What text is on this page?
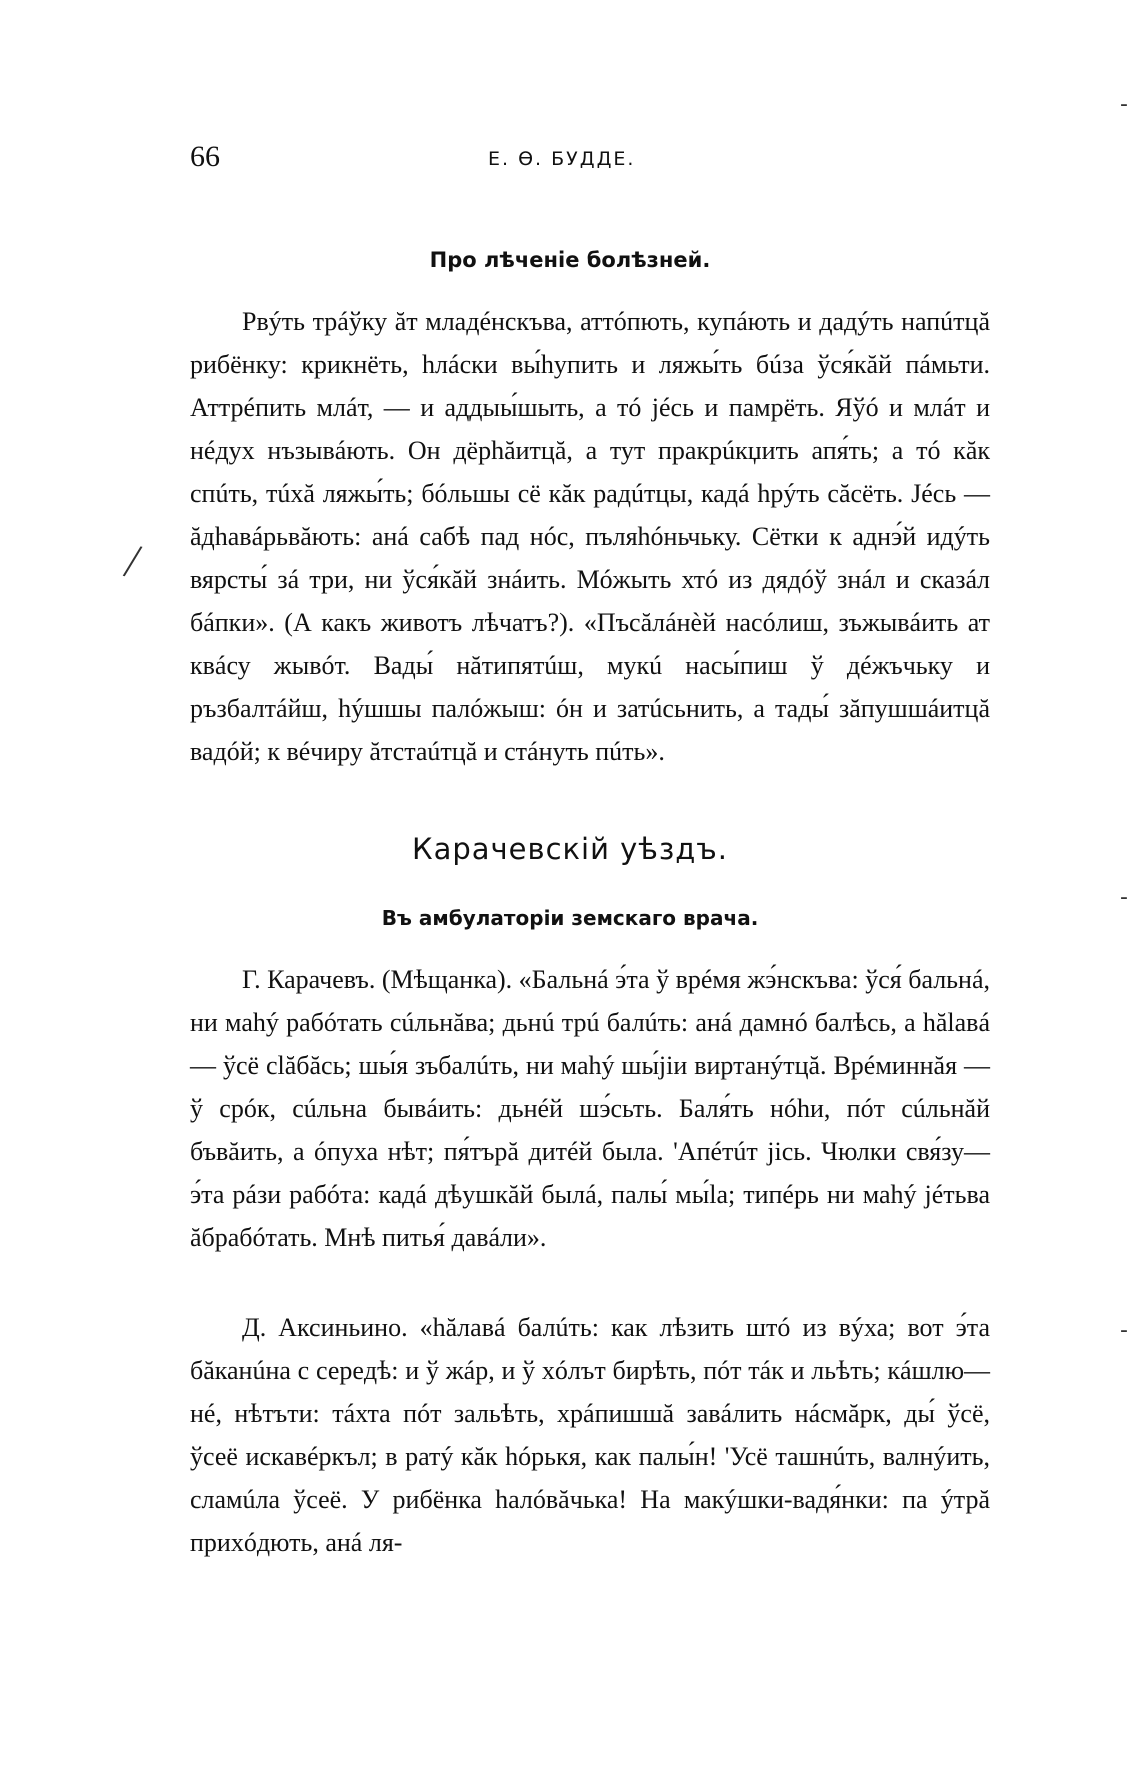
66	Е. Ѳ. БУДДЕ.
Про лѣченіе болѣзней.

Рвýть трáўку ăт младéнскъва, аттóпють, купáють и дадýть напúтцă рибёнку: крикнёть, һлáски вы́һупить и ляжы́ть бúза ўся́кăй пáмьти. Аттрéпить млáт, — и аддыы́шыть, а тó jéсь и памрёть. Яўó и млáт и нéдух нъзывáють. Он дёрһăитцă, а тут пракрúкџить апя́ть; а тó кăк спúть, тúхă ляжы́ть; бóльшы сё кăк радúтцы, кадá һрýть сăсёть. Jéсь — ăдһавáрьвăють: анá сабѣ пад нóс, пъляһóньчьку. Сётки к аднэ́й идýть вярсты́ зá три, ни ўся́кăй знáить. Мóжыть хтó из дядóў знáл и сказáл бáпки». (А какъ животъ лѣчатъ?). «Пъсăлáнѐй насóлиш, зъжывáить ат квáсу жывóт. Вады́ нăтипятúш, мукú насы́пиш ў дéжъчьку и ръзбалтáйш, һýшшы палóжыш: óн и затúсьнить, а тады́ зăпушшáитцă вадóй; к вéчиру ăтстаúтцă и стáнуть пúть».

Карачевскій уѣздъ.
Въ амбулаторіи земскаго врача.

Г. Карачевъ. (Мѣщанка). «Бальнá э́та ў врéмя жэ́нскъва: ўся́ бальнá, ни маһý рабóтать сúльнăва; дьнú трú балúть: анá дамнó балѣсь, а һălавá — ўсё сlăбăсь; шы́я зъбалúть, ни маһý шы́јіи виртанýтцă. Врéминнăя — ў срóк, сúльна бывáить: дьнéй шэ́сьть. Баля́ть нóһи, пóт сúльнăй бъвăить, а óпуха нѣт; пя́търă дитéй была. 'Апéтúт јісь. Чюлки свя́зу—э́та рáзи рабóта: кадá дѣушкăй былá, палы́ мы́lа; типéрь ни маһý јéтьва ăбрабóтать. Мнѣ питья́ давáли».

Д. Аксиньино. «һăлавá балúть: как лѣзить штó из вýха; вот э́та бăканúна с сеpeдѣ: и ў жáр, и ў хóлът бирѣть, пóт тáк и льѣть; кáшлю—нé, нѣтъти: тáхта пóт зальѣть, хрáпишшă завáлить нáсмăрк, ды́ ўсё, ўсеё искавéркъл; в ратý кăк һóрькя, как палы́н! 'Усё ташнúть, валнýить, сламúла ўсеё. У рибёнка һалóвăчька! На макýшки-вадя́нки: па ýтрă прихóдють, анá ля-

-
/
-
-
